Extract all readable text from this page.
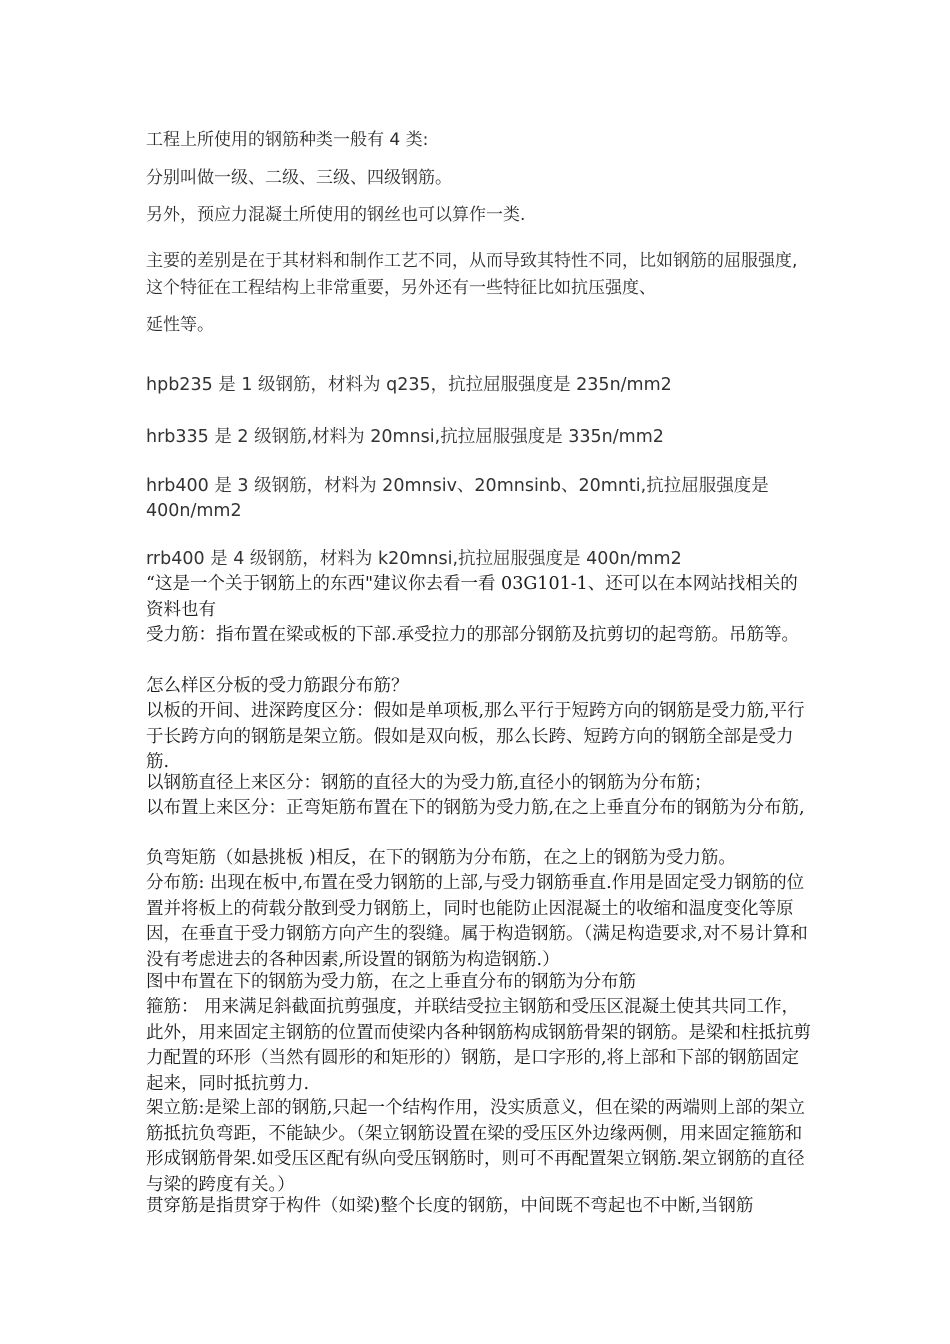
工程上所使用的钢筋种类一般有 4 类:

分别叫做一级、二级、三级、四级钢筋。

另外，预应力混凝土所使用的钢丝也可以算作一类.

主要的差别是在于其材料和制作工艺不同，从而导致其特性不同，比如钢筋的屈服强度,这个特征在工程结构上非常重要，另外还有一些特征比如抗压强度、

延性等。

hpb235 是 1 级钢筋，材料为 q235，抗拉屈服强度是 235n/mm2

hrb335 是 2 级钢筋,材料为 20mnsi,抗拉屈服强度是 335n/mm2

hrb400 是 3 级钢筋，材料为 20mnsiv、20mnsinb、20mnti,抗拉屈服强度是 400n/mm2

rrb400 是 4 级钢筋，材料为 k20mnsi,抗拉屈服强度是 400n/mm2

“这是一个关于钢筋上的东西"建议你去看一看 03G101-1、还可以在本网站找相关的资料也有

受力筋：指布置在梁或板的下部.承受拉力的那部分钢筋及抗剪切的起弯筋。吊筋等。

怎么样区分板的受力筋跟分布筋？

以板的开间、进深跨度区分：假如是单项板,那么平行于短跨方向的钢筋是受力筋,平行于长跨方向的钢筋是架立筋。假如是双向板，那么长跨、短跨方向的钢筋全部是受力筋.

以钢筋直径上来区分：钢筋的直径大的为受力筋,直径小的钢筋为分布筋；

以布置上来区分：正弯矩筋布置在下的钢筋为受力筋,在之上垂直分布的钢筋为分布筋,

负弯矩筋（如悬挑板 )相反，在下的钢筋为分布筋，在之上的钢筋为受力筋。

分布筋: 出现在板中,布置在受力钢筋的上部,与受力钢筋垂直.作用是固定受力钢筋的位置并将板上的荷载分散到受力钢筋上，同时也能防止因混凝土的收缩和温度变化等原因，在垂直于受力钢筋方向产生的裂缝。属于构造钢筋。（满足构造要求,对不易计算和没有考虑进去的各种因素,所设置的钢筋为构造钢筋.）

图中布置在下的钢筋为受力筋，在之上垂直分布的钢筋为分布筋

箍筋： 用来满足斜截面抗剪强度，并联结受拉主钢筋和受压区混凝土使其共同工作，此外，用来固定主钢筋的位置而使梁内各种钢筋构成钢筋骨架的钢筋。是梁和柱抵抗剪力配置的环形（当然有圆形的和矩形的）钢筋，是口字形的,将上部和下部的钢筋固定起来，同时抵抗剪力.

架立筋:是梁上部的钢筋,只起一个结构作用，没实质意义，但在梁的两端则上部的架立筋抵抗负弯距，不能缺少。（架立钢筋设置在梁的受压区外边缘两侧，用来固定箍筋和形成钢筋骨架.如受压区配有纵向受压钢筋时，则可不再配置架立钢筋.架立钢筋的直径与梁的跨度有关。）

贯穿筋是指贯穿于构件（如梁)整个长度的钢筋，中间既不弯起也不中断,当钢筋
